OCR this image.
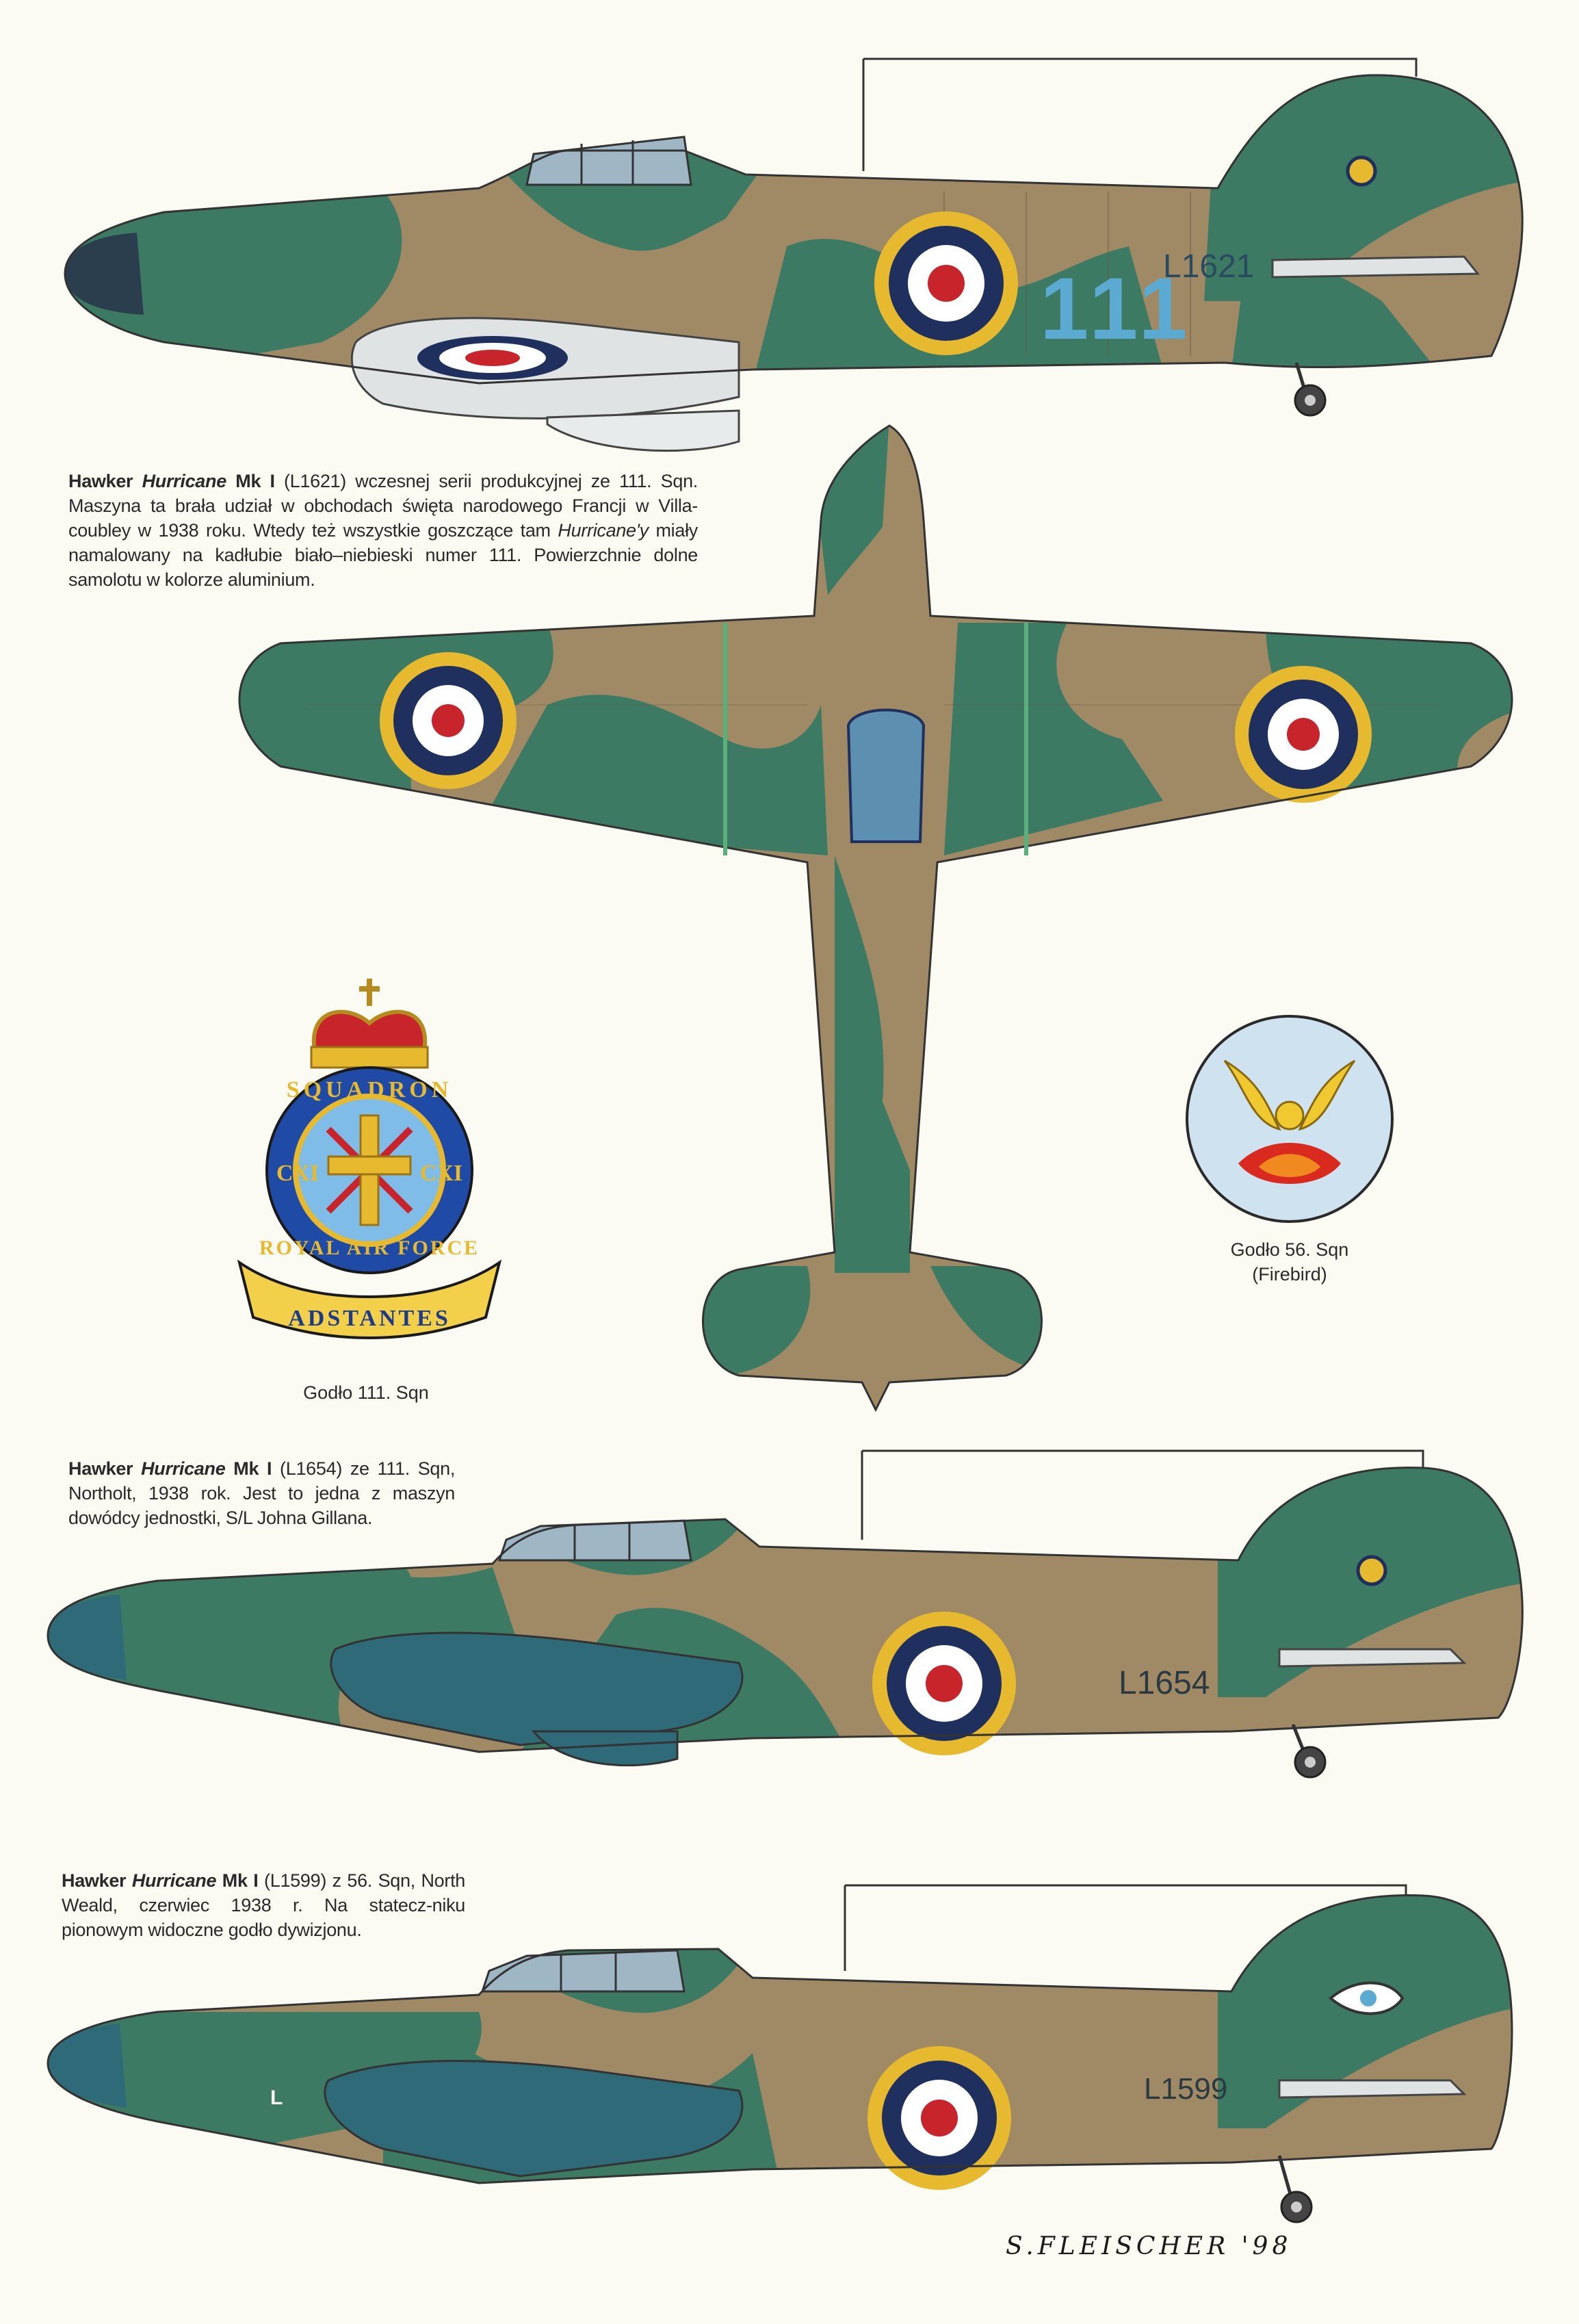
111
L1621
Hawker Hurricane Mk I (L1621) wczesnej serii produkcyjnej ze 111. Sqn. Maszyna ta brała udział w obchodach święta narodowego Francji w Villa-coubley w 1938 roku. Wtedy też wszystkie goszczące tam Hurricane'y miały namalowany na kadłubie biało–niebieski numer 111. Powierzchnie dolne samolotu w kolorze aluminium.
SQUADRON
CXI	CXI
ROYAL AIR FORCE
ADSTANTES
Godło 111. Sqn
Godło 56. Sqn
(Firebird)
Hawker Hurricane Mk I (L1654) ze 111. Sqn, Northolt, 1938 rok. Jest to jedna z maszyn dowódcy jednostki, S/L Johna Gillana.
L1654
Hawker Hurricane Mk I (L1599) z 56. Sqn, North Weald, czerwiec 1938 r. Na statecz-niku pionowym widoczne godło dywizjonu.
L	L1599
S.FLEISCHER '98
